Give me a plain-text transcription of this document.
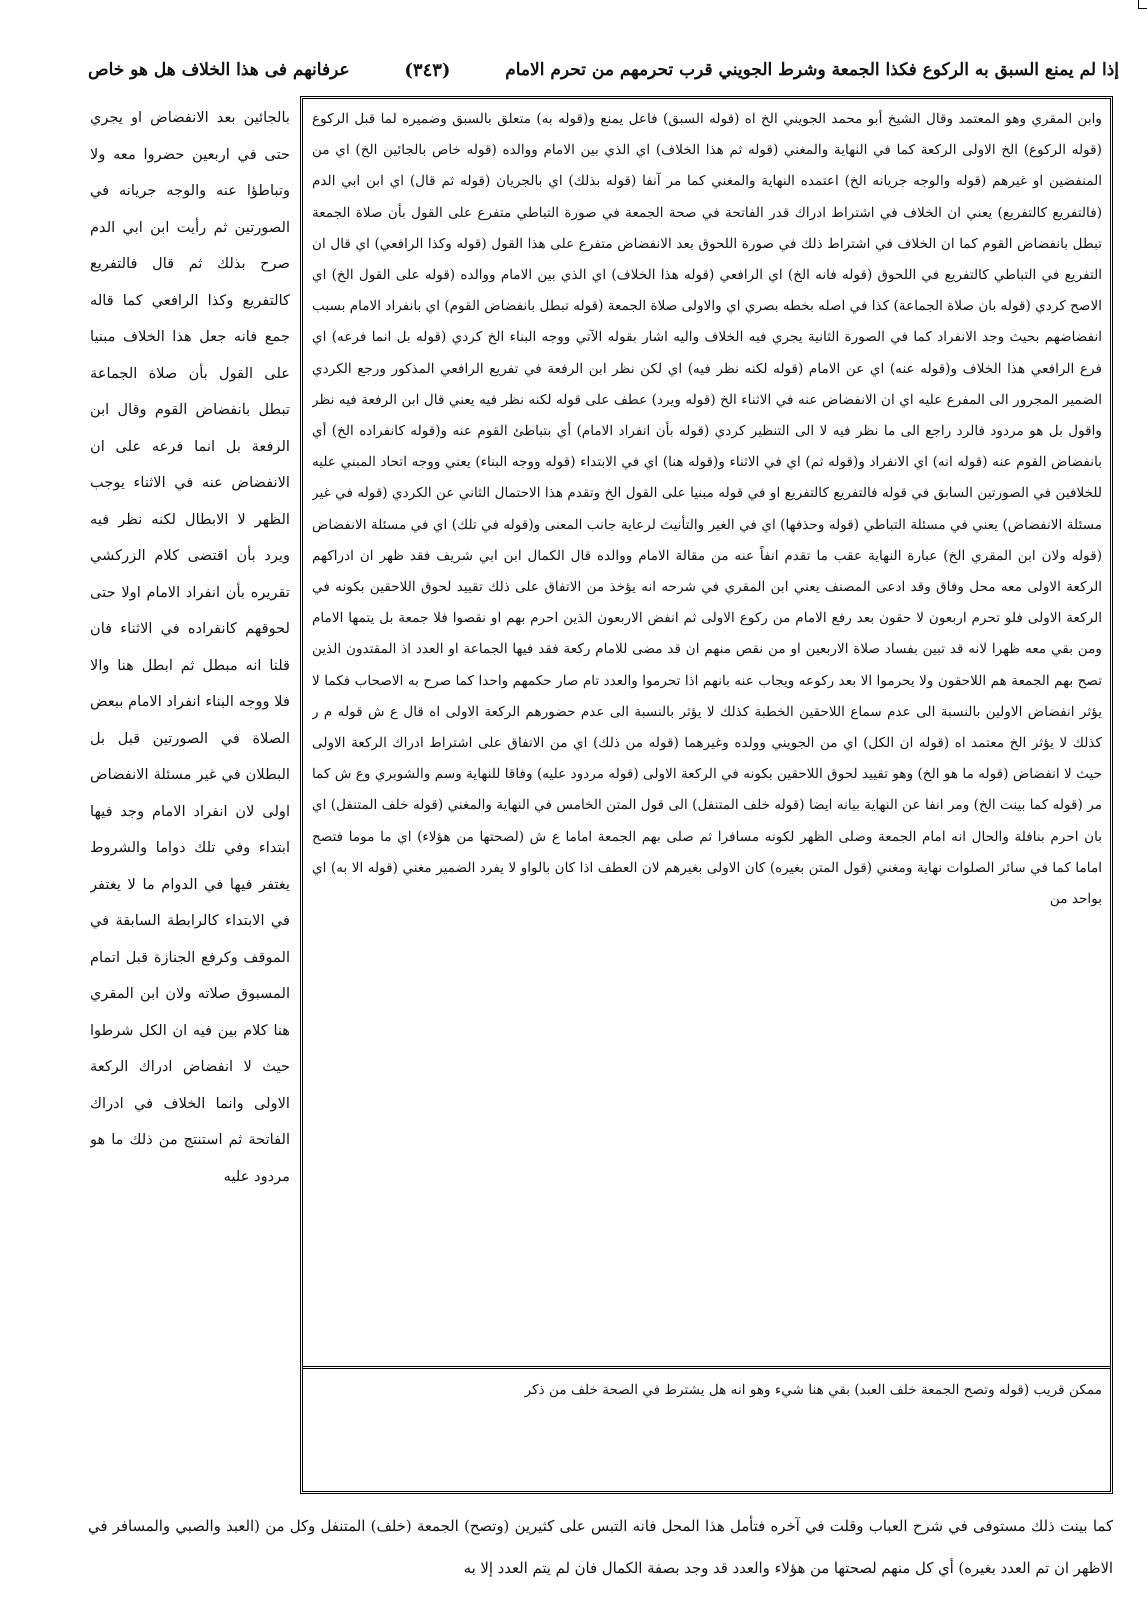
إذا لم يمنع السبق به الركوع فكذا الجمعة وشرط الجويني قرب تحرمهم من تحرم الامام
(٣٤٣)
عرفانهم فى هذا الخلاف هل هو خاص
وابن المقري وهو المعتمد وقال الشيخ أبو محمد الجويني الخ اه (قوله السبق) فاعل يمنع و(قوله به) متعلق بالسبق وضميره لما قبل الركوع (قوله الركوع) الخ الاولى الركعة كما في النهاية والمغني (قوله ثم هذا الخلاف) اي الذي بين الامام ووالده (قوله خاص بالجائين الخ) اي من المنفضين او غيرهم (قوله والوجه جريانه الخ) اعتمده النهاية والمغني كما مر آنفا (قوله بذلك) اي بالجريان (قوله ثم قال) اي ابن ابي الدم (فالتفريع كالتفريع) يعني ان الخلاف في اشتراط ادراك قدر الفاتحة في صحة الجمعة في صورة التباطي متفرع على القول بأن صلاة الجمعة تبطل بانفضاض القوم كما ان الخلاف في اشتراط ذلك في صورة اللحوق بعد الانفضاض متفرع على هذا القول (قوله وكذا الرافعي) اي قال ان التفريع في التباطي كالتفريع في اللحوق (قوله فانه الخ) اي الرافعي (قوله هذا الخلاف) اي الذي بين الامام ووالده (قوله على القول الخ) اي الاصح كردي (قوله بان صلاة الجماعة) كذا في اصله بخطه بصري اي والاولى صلاة الجمعة (قوله تبطل بانفضاض القوم) اي بانفراد الامام بسبب انفضاضهم بحيث وجد الانفراد كما في الصورة الثانية يجري فيه الخلاف واليه اشار بقوله الآتي ووجه البناء الخ كردي (قوله بل انما فرعه) اي فرع الرافعي هذا الخلاف و(قوله عنه) اي عن الامام (قوله لكنه نظر فيه) اي لكن نظر ابن الرفعة في تفريع الرافعي المذكور ورجع الكردي الضمير المجرور الى المفرع عليه اي ان الانفضاض عنه في الاثناء الخ (قوله ويرد) عطف على قوله لكنه نظر فيه يعني قال ابن الرفعة فيه نظر واقول بل هو مردود فالرد راجع الى ما نظر فيه لا الى التنظير كردي (قوله بأن انفراد الامام) أي بتباطئ القوم عنه و(قوله كانفراده الخ) أي بانفضاض القوم عنه (قوله انه) اي الانفراد و(قوله ثم) اي في الاثناء و(قوله هنا) اي في الابتداء (قوله ووجه البناء) يعني ووجه اتحاد المبني عليه للخلافين في الصورتين السابق في قوله فالتفريع كالتفريع او في قوله مبنيا على القول الخ وتقدم هذا الاحتمال الثاني عن الكردي (قوله في غير مسئلة الانفضاض) يعني في مسئلة التباطي (قوله وحذفها) اي في الغير والتأنيث لرعاية جانب المعنى و(قوله في تلك) اي في مسئلة الانفضاض (قوله ولان ابن المقري الخ) عبارة النهاية عقب ما تقدم انفاً عنه من مقالة الامام ووالده قال الكمال ابن ابي شريف فقد ظهر ان ادراكهم الركعة الاولى معه محل وفاق وقد ادعى المصنف يعني ابن المقري في شرحه انه يؤخذ من الاتفاق على ذلك تقييد لحوق اللاحقين بكونه في الركعة الاولى فلو تحرم اربعون لا حقون بعد رفع الامام من ركوع الاولى ثم انفض الاربعون الذين احرم بهم او نقصوا فلا جمعة بل يتمها الامام ومن بقي معه ظهرا لانه قد تبين بفساد صلاة الاربعين او من نقص منهم ان قد مضى للامام ركعة فقد فيها الجماعة او العدد اذ المقتدون الذين تصح بهم الجمعة هم اللاحقون ولا يحرموا الا بعد ركوعه ويجاب عنه بانهم اذا تحرموا والعدد تام صار حكمهم واحدا كما صرح به الاصحاب فكما لا يؤثر انفضاض الاولين بالنسبة الى عدم سماع اللاحقين الخطبة كذلك لا يؤثر بالنسبة الى عدم حضورهم الركعة الاولى اه قال ع ش قوله م ر كذلك لا يؤثر الخ معتمد اه (قوله ان الكل) اي من الجويني وولده وغيرهما (قوله من ذلك) اي من الاتفاق على اشتراط ادراك الركعة الاولى حيث لا انفضاض (قوله ما هو الخ) وهو تقييد لحوق اللاحقين بكونه في الركعة الاولى (قوله مردود عليه) وفاقا للنهاية وسم والشوبري وع ش كما مر (قوله كما بينت الخ) ومر انفا عن النهاية بيانه ايضا (قوله خلف المتنفل) الى قول المتن الخامس في النهاية والمغني (قوله خلف المتنفل) اي بان احرم بنافلة والحال انه امام الجمعة وصلى الظهر لكونه مسافرا ثم صلى بهم الجمعة اماما ع ش (لصحتها من هؤلاء) اي ما موما فتصح اماما كما في سائر الصلوات نهاية ومغني (قول المتن بغيره) كان الاولى بغيرهم لان العطف اذا كان بالواو لا يفرد الضمير مغني (قوله الا به) اي بواحد من
ممكن قريب (قوله وتصح الجمعة خلف العبد) بقي هنا شيء وهو انه هل يشترط في الصحة خلف من ذكر
بالجائين بعد الانفضاض او يجري حتى في اربعين حضروا معه ولا وتباطؤا عنه والوجه جريانه في الصورتين ثم رأيت ابن ابي الدم صرح بذلك ثم قال فالتفريع كالتفريع وكذا الرافعي كما قاله جمع فانه جعل هذا الخلاف مبنيا على القول بأن صلاة الجماعة تبطل بانفضاض القوم وقال ابن الرفعة بل انما فرعه على ان الانفضاض عنه في الاثناء يوجب الظهر لا الابطال لكنه نظر فيه ويرد بأن اقتضى كلام الزركشي تقريره بأن انفراد الامام اولا حتى لحوقهم كانفراده في الاثناء فان قلنا انه مبطل ثم ابطل هنا والا فلا ووجه البناء انفراد الامام ببعض الصلاة في الصورتين قبل بل البطلان في غير مسئلة الانفضاض اولى لان انفراد الامام وجد فيها ابتداء وفي تلك دواما والشروط يغتفر فيها في الدوام ما لا يغتفر في الابتداء كالرابطة السابقة في الموقف وكرفع الجنازة قبل اتمام المسبوق صلاته ولان ابن المقري هنا كلام بين فيه ان الكل شرطوا حيث لا انفضاض ادراك الركعة الاولى وانما الخلاف في ادراك الفاتحة ثم استنتج من ذلك ما هو مردود عليه
كما بينت ذلك مستوفى في شرح العباب وقلت في آخره فتأمل هذا المحل فانه التبس على كثيرين (وتصح) الجمعة (خلف) المتنفل وكل من (العبد والصبي والمسافر في الاظهر ان تم العدد بغيره) أي كل منهم لصحتها من هؤلاء والعدد قد وجد بصفة الكمال فان لم يتم العدد إلا به
